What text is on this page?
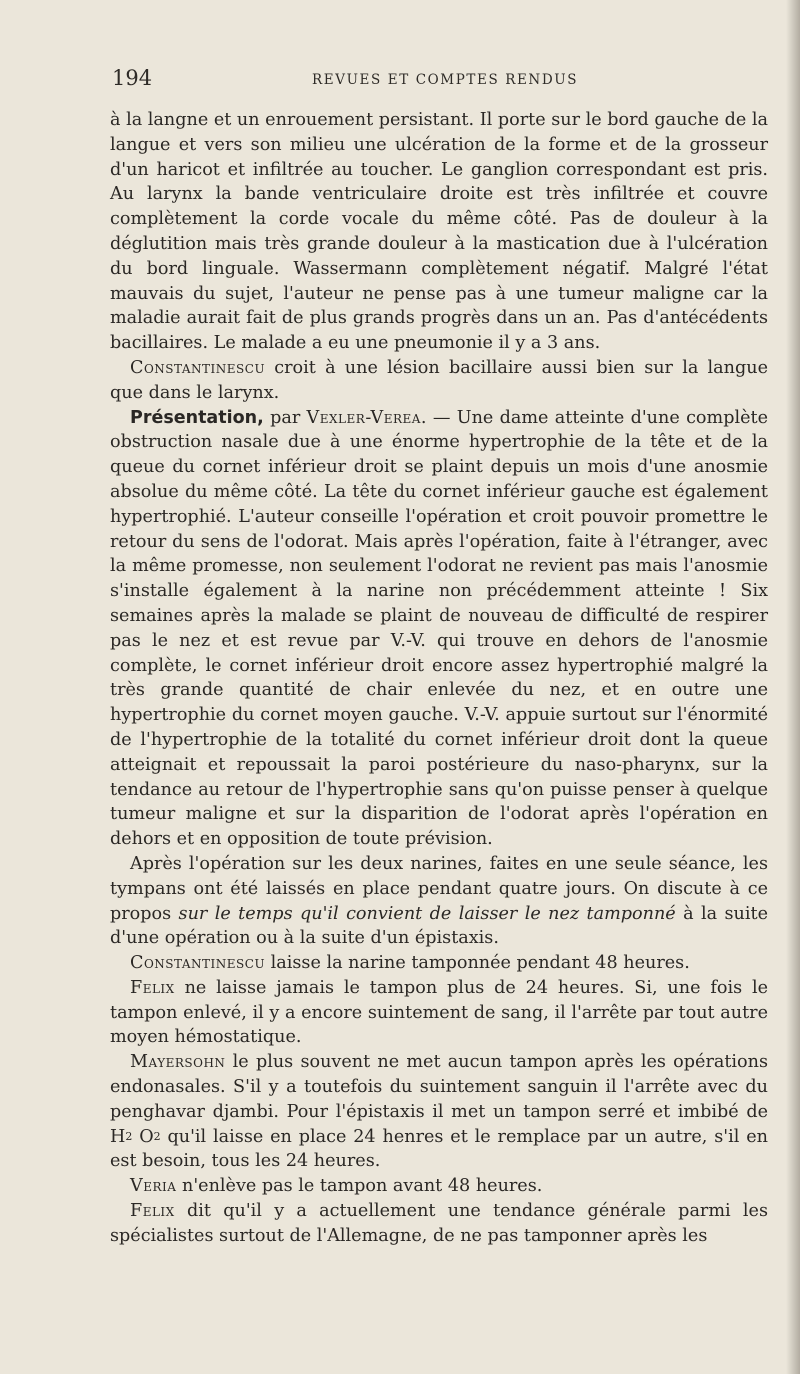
194	REVUES ET COMPTES RENDUS

à la langne et un enrouement persistant. Il porte sur le bord gauche de la langue et vers son milieu une ulcération de la forme et de la grosseur d'un haricot et infiltrée au toucher. Le ganglion correspondant est pris. Au larynx la bande ventriculaire droite est très infiltrée et couvre complètement la corde vocale du même côté. Pas de douleur à la déglutition mais très grande douleur à la mastication due à l'ulcération du bord linguale. Wassermann complètement négatif. Malgré l'état mauvais du sujet, l'auteur ne pense pas à une tumeur maligne car la maladie aurait fait de plus grands progrès dans un an. Pas d'antécédents bacillaires. Le malade a eu une pneumonie il y a 3 ans.

Constantinescu croit à une lésion bacillaire aussi bien sur la langue que dans le larynx.

Présentation, par Vexler-Verea. — Une dame atteinte d'une complète obstruction nasale due à une énorme hypertrophie de la tête et de la queue du cornet inférieur droit se plaint depuis un mois d'une anosmie absolue du même côté. La tête du cornet inférieur gauche est également hypertrophié. L'auteur conseille l'opération et croit pouvoir promettre le retour du sens de l'odorat. Mais après l'opération, faite à l'étranger, avec la même promesse, non seulement l'odorat ne revient pas mais l'anosmie s'installe également à la narine non précédemment atteinte ! Six semaines après la malade se plaint de nouveau de difficulté de respirer pas le nez et est revue par V.-V. qui trouve en dehors de l'anosmie complète, le cornet inférieur droit encore assez hypertrophié malgré la très grande quantité de chair enlevée du nez, et en outre une hypertrophie du cornet moyen gauche. V.-V. appuie surtout sur l'énormité de l'hypertrophie de la totalité du cornet inférieur droit dont la queue atteignait et repoussait la paroi postérieure du naso-pharynx, sur la tendance au retour de l'hypertrophie sans qu'on puisse penser à quelque tumeur maligne et sur la disparition de l'odorat après l'opération en dehors et en opposition de toute prévision.

Après l'opération sur les deux narines, faites en une seule séance, les tympans ont été laissés en place pendant quatre jours. On discute à ce propos sur le temps qu'il convient de laisser le nez tamponné à la suite d'une opération ou à la suite d'un épistaxis.

Constantinescu laisse la narine tamponnée pendant 48 heures.

Felix ne laisse jamais le tampon plus de 24 heures. Si, une fois le tampon enlevé, il y a encore suintement de sang, il l'arrête par tout autre moyen hémostatique.

Mayersohn le plus souvent ne met aucun tampon après les opérations endonasales. S'il y a toutefois du suintement sanguin il l'arrête avec du penghavar djambi. Pour l'épistaxis il met un tampon serré et imbibé de $H^2$ $O^2$ qu'il laisse en place 24 henres et le remplace par un autre, s'il en est besoin, tous les 24 heures.

Veria n'enlève pas le tampon avant 48 heures.

Felix dit qu'il y a actuellement une tendance générale parmi les spécialistes surtout de l'Allemagne, de ne pas tamponner après les
